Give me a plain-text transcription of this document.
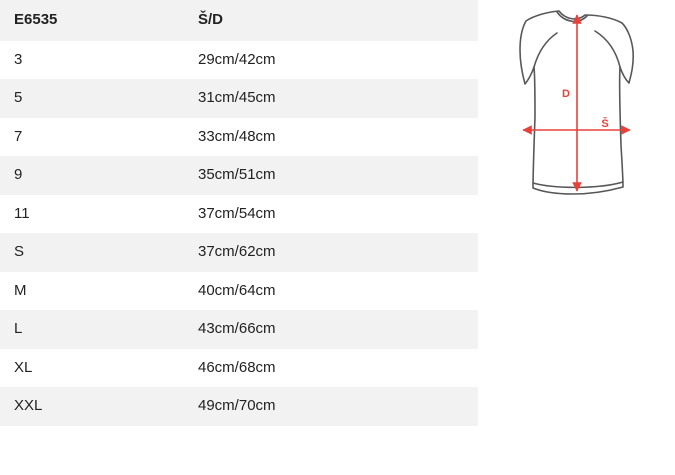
E6535	Š/D
3	29cm/42cm
5	31cm/45cm
7	33cm/48cm
9	35cm/51cm
11	37cm/54cm
S	37cm/62cm
M	40cm/64cm
L	43cm/66cm
XL	46cm/68cm
XXL	49cm/70cm
D
Š
